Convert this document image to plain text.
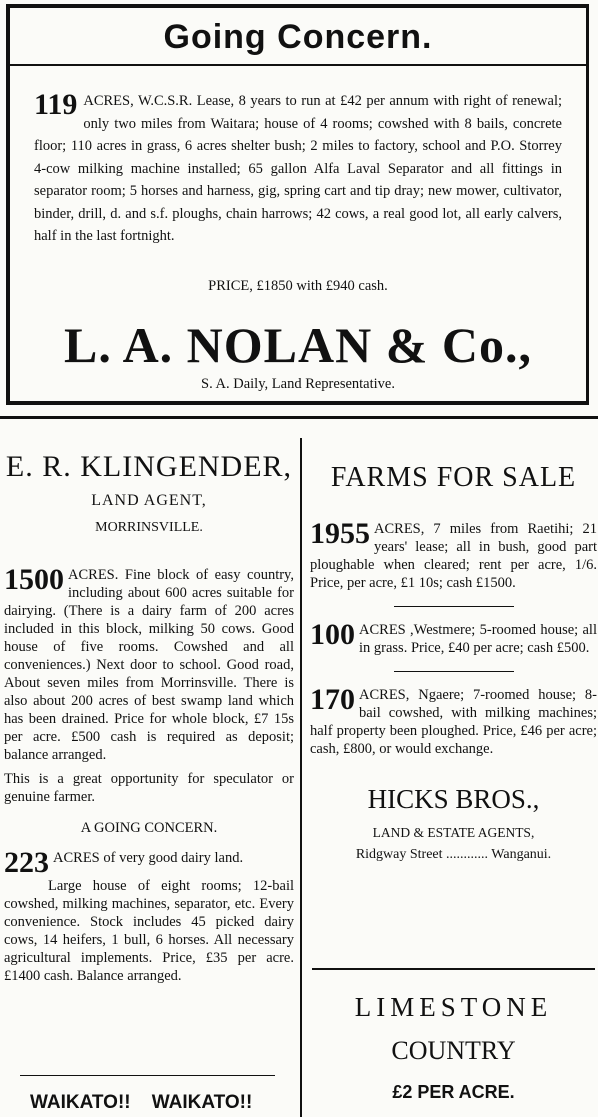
Going Concern.
119 ACRES, W.C.S.R. Lease, 8 years to run at £42 per annum with right of renewal; only two miles from Waitara; house of 4 rooms; cowshed with 8 bails, concrete floor; 110 acres in grass, 6 acres shelter bush; 2 miles to factory, school and P.O. Storrey 4-cow milking machine installed; 65 gallon Alfa Laval Separator and all fittings in separator room; 5 horses and harness, gig, spring cart and tip dray; new mower, cultivator, binder, drill, d. and s.f. ploughs, chain harrows; 42 cows, a real good lot, all early calvers, half in the last fortnight.
PRICE, £1850 with £940 cash.
L. A. NOLAN & Co.,
S. A. Daily, Land Representative.
E. R. KLINGENDER,
LAND AGENT,
MORRINSVILLE.

1500 ACRES. Fine block of easy country, including about 600 acres suitable for dairying. (There is a dairy farm of 200 acres included in this block, milking 50 cows. Good house of five rooms. Cowshed and all conveniences.) Next door to school. Good road, About seven miles from Morrinsville. There is also about 200 acres of best swamp land which has been drained. Price for whole block, £7 15s per acre. £500 cash is required as deposit; balance arranged.

This is a great opportunity for speculator or genuine farmer.

A GOING CONCERN.

223 ACRES of very good dairy land.

Large house of eight rooms; 12-bail cowshed, milking machines, separator, etc. Every convenience. Stock includes 45 picked dairy cows, 14 heifers, 1 bull, 6 horses. All necessary agricultural implements. Price, £35 per acre. £1400 cash. Balance arranged.

WAIKATO!!    WAIKATO!!
FARMS FOR SALE

1955 ACRES, 7 miles from Raetihi; 21 years' lease; all in bush, good part ploughable when cleared; rent per acre, 1/6. Price, per acre, £1 10s; cash £1500.

100 ACRES ,Westmere; 5-roomed house; all in grass. Price, £40 per acre; cash £500.

170 ACRES, Ngaere; 7-roomed house; 8-bail cowshed, with milking machines; half property been ploughed. Price, £46 per acre; cash, £800, or would exchange.

HICKS BROS.,
LAND & ESTATE AGENTS,
Ridgway Street ............ Wanganui.
LIMESTONE
COUNTRY
£2 PER ACRE.
